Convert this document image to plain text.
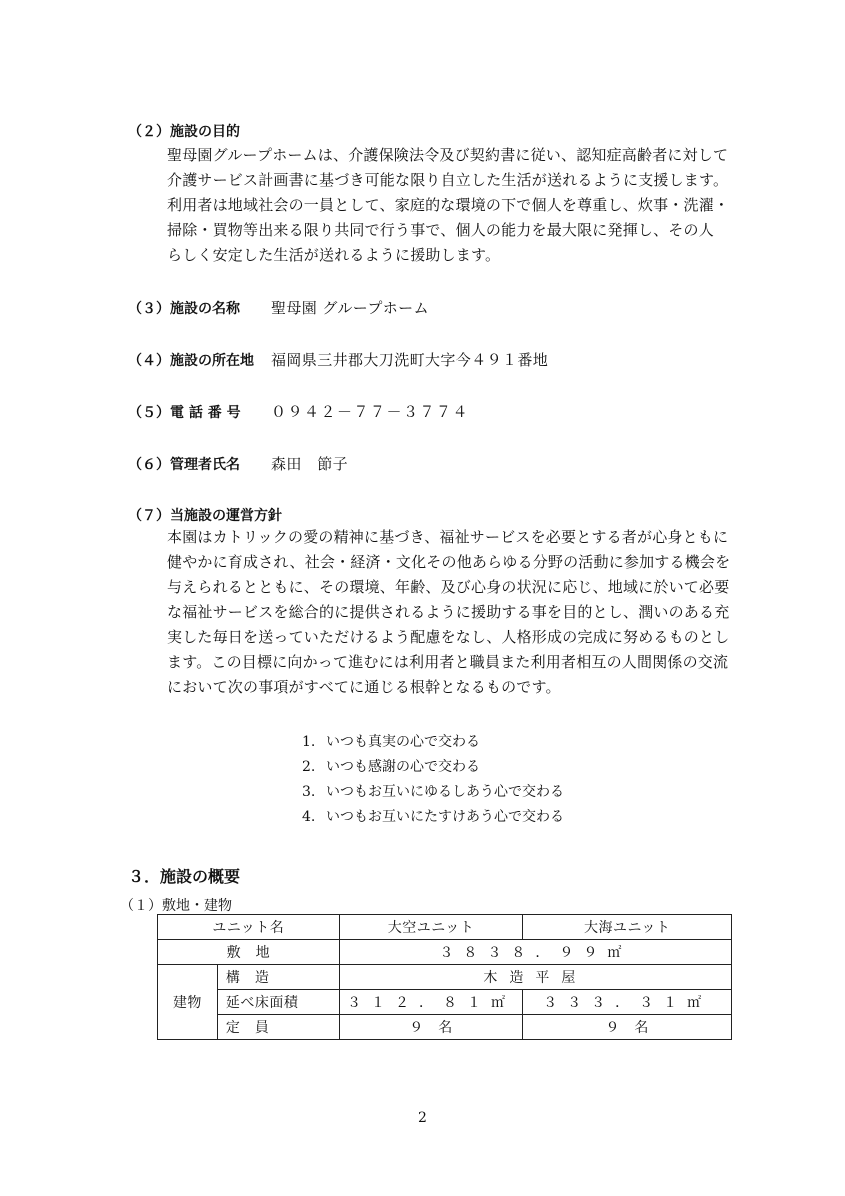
（２）施設の目的
聖母園グループホームは、介護保険法令及び契約書に従い、認知症高齢者に対して
介護サービス計画書に基づき可能な限り自立した生活が送れるように支援します。
利用者は地域社会の一員として、家庭的な環境の下で個人を尊重し、炊事・洗濯・
掃除・買物等出来る限り共同で行う事で、個人の能力を最大限に発揮し、その人
らしく安定した生活が送れるように援助します。
（３）施設の名称 聖母園 グループホーム
（４）施設の所在地 福岡県三井郡大刀洗町大字今４９１番地
（５）電 話 番 号 ０９４２－７７－３７７４
（６）管理者氏名 森田　節子
（７）当施設の運営方針
本園はカトリックの愛の精神に基づき、福祉サービスを必要とする者が心身ともに
健やかに育成され、社会・経済・文化その他あらゆる分野の活動に参加する機会を
与えられるとともに、その環境、年齢、及び心身の状況に応じ、地域に於いて必要
な福祉サービスを総合的に提供されるように援助する事を目的とし、潤いのある充
実した毎日を送っていただけるよう配慮をなし、人格形成の完成に努めるものとし
ます。この目標に向かって進むには利用者と職員また利用者相互の人間関係の交流
において次の事項がすべてに通じる根幹となるものです。
1. いつも真実の心で交わる
2. いつも感謝の心で交わる
3. いつもお互いにゆるしあう心で交わる
4. いつもお互いにたすけあう心で交わる
３．施設の概要
（１）敷地・建物
ユニット名		大空ユニット	大海ユニット
敷　地		３８３８．９９㎡	
建物	構　造	木造平屋	
	延べ床面積	３１２．８１㎡	３３３．３１㎡
	定　員	９　名	９　名
2
